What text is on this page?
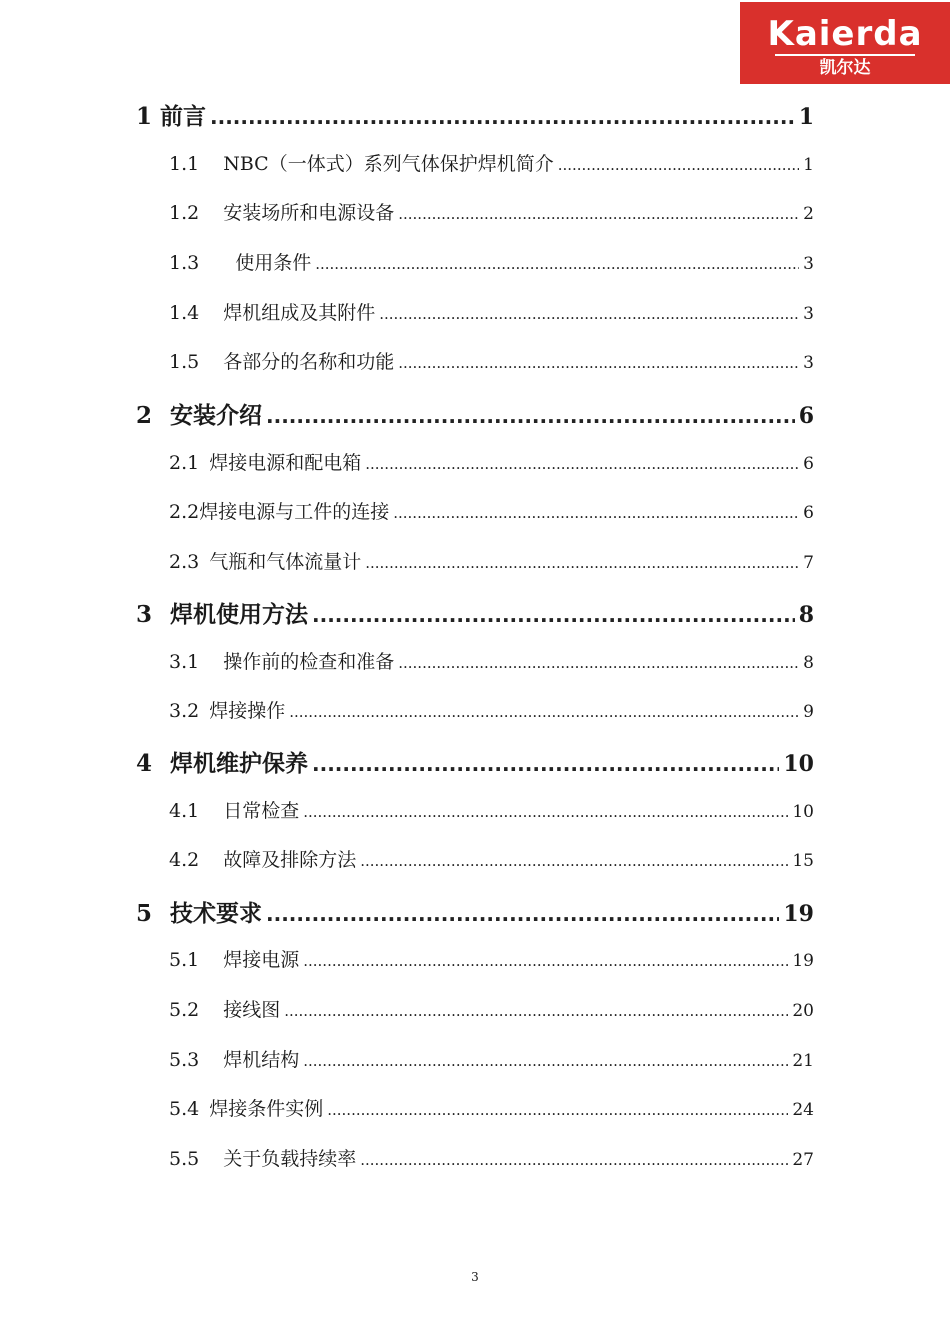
Kaierda
凯尔达
1 前言 .....	1
1.1 NBC（一体式）系列气体保护焊机简介 .....	1
1.2 安装场所和电源设备 .....	2
1.3 使用条件 .....	3
1.4 焊机组成及其附件 .....	3
1.5 各部分的名称和功能 .....	3
2 安装介绍 .....	6
2.1 焊接电源和配电箱 .....	6
2.2 焊接电源与工件的连接 .....	6
2.3 气瓶和气体流量计 .....	7
3 焊机使用方法 .....	8
3.1 操作前的检查和准备 .....	8
3.2 焊接操作 .....	9
4 焊机维护保养 .....	10
4.1 日常检查 .....	10
4.2 故障及排除方法 .....	15
5 技术要求 .....	19
5.1 焊接电源 .....	19
5.2 接线图 .....	20
5.3 焊机结构 .....	21
5.4 焊接条件实例 .....	24
5.5 关于负载持续率 .....	27
3
